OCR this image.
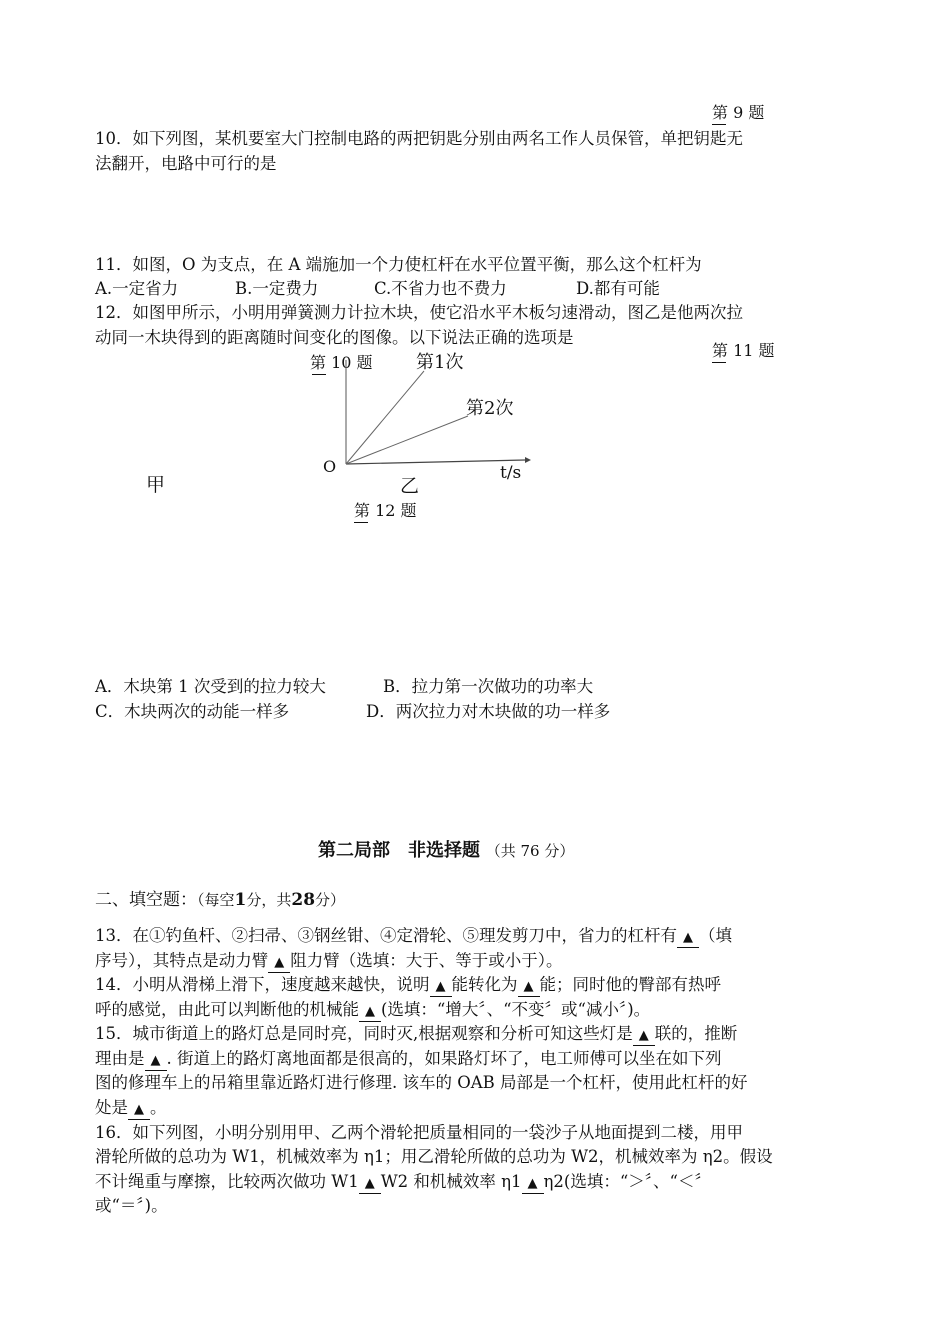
第 9 题
10．如下列图，某机要室大门控制电路的两把钥匙分别由两名工作人员保管，单把钥匙无
法翻开，电路中可行的是
11．如图，O 为支点，在 A 端施加一个力使杠杆在水平位置平衡，那么这个杠杆为
A.一定省力	B.一定费力	C.不省力也不费力	D.都有可能
12．如图甲所示，小明用弹簧测力计拉木块，使它沿水平木板匀速滑动，图乙是他两次拉
动同一木块得到的距离随时间变化的图像。以下说法正确的选项是
第 11 题
第 10 题 第1次
第2次
O	t/s
乙
甲
第 12 题
A．木块第 1 次受到的拉力较大	B．拉力第一次做功的功率大
C．木块两次的动能一样多	D．两次拉力对木块做的功一样多
第二局部　非选择题 （共 76 分）
二、填空题：（每空1分，共28分）
13．在①钓鱼杆、②扫帚、③钢丝钳、④定滑轮、⑤理发剪刀中，省力的杠杆有 ▲ （填
序号），其特点是动力臂 ▲ 阻力臂（选填：大于、等于或小于）。
14．小明从滑梯上滑下，速度越来越快，说明 ▲ 能转化为 ▲ 能；同时他的臀部有热呼
呼的感觉，由此可以判断他的机械能 ▲ (选填：“增大〞、“不变〞或“减小〞)。
15．城市街道上的路灯总是同时亮，同时灭,根据观察和分析可知这些灯是 ▲ 联的，推断
理由是 ▲ . 街道上的路灯离地面都是很高的，如果路灯坏了，电工师傅可以坐在如下列
图的修理车上的吊箱里靠近路灯进行修理. 该车的 OAB 局部是一个杠杆，使用此杠杆的好
处是 ▲ 。
16．如下列图，小明分别用甲、乙两个滑轮把质量相同的一袋沙子从地面提到二楼，用甲
滑轮所做的总功为 W1，机械效率为 η1；用乙滑轮所做的总功为 W2，机械效率为 η2。假设
不计绳重与摩擦，比较两次做功 W1 ▲ W2 和机械效率 η1 ▲ η2(选填：“＞〞、“＜〞
或“＝〞)。
